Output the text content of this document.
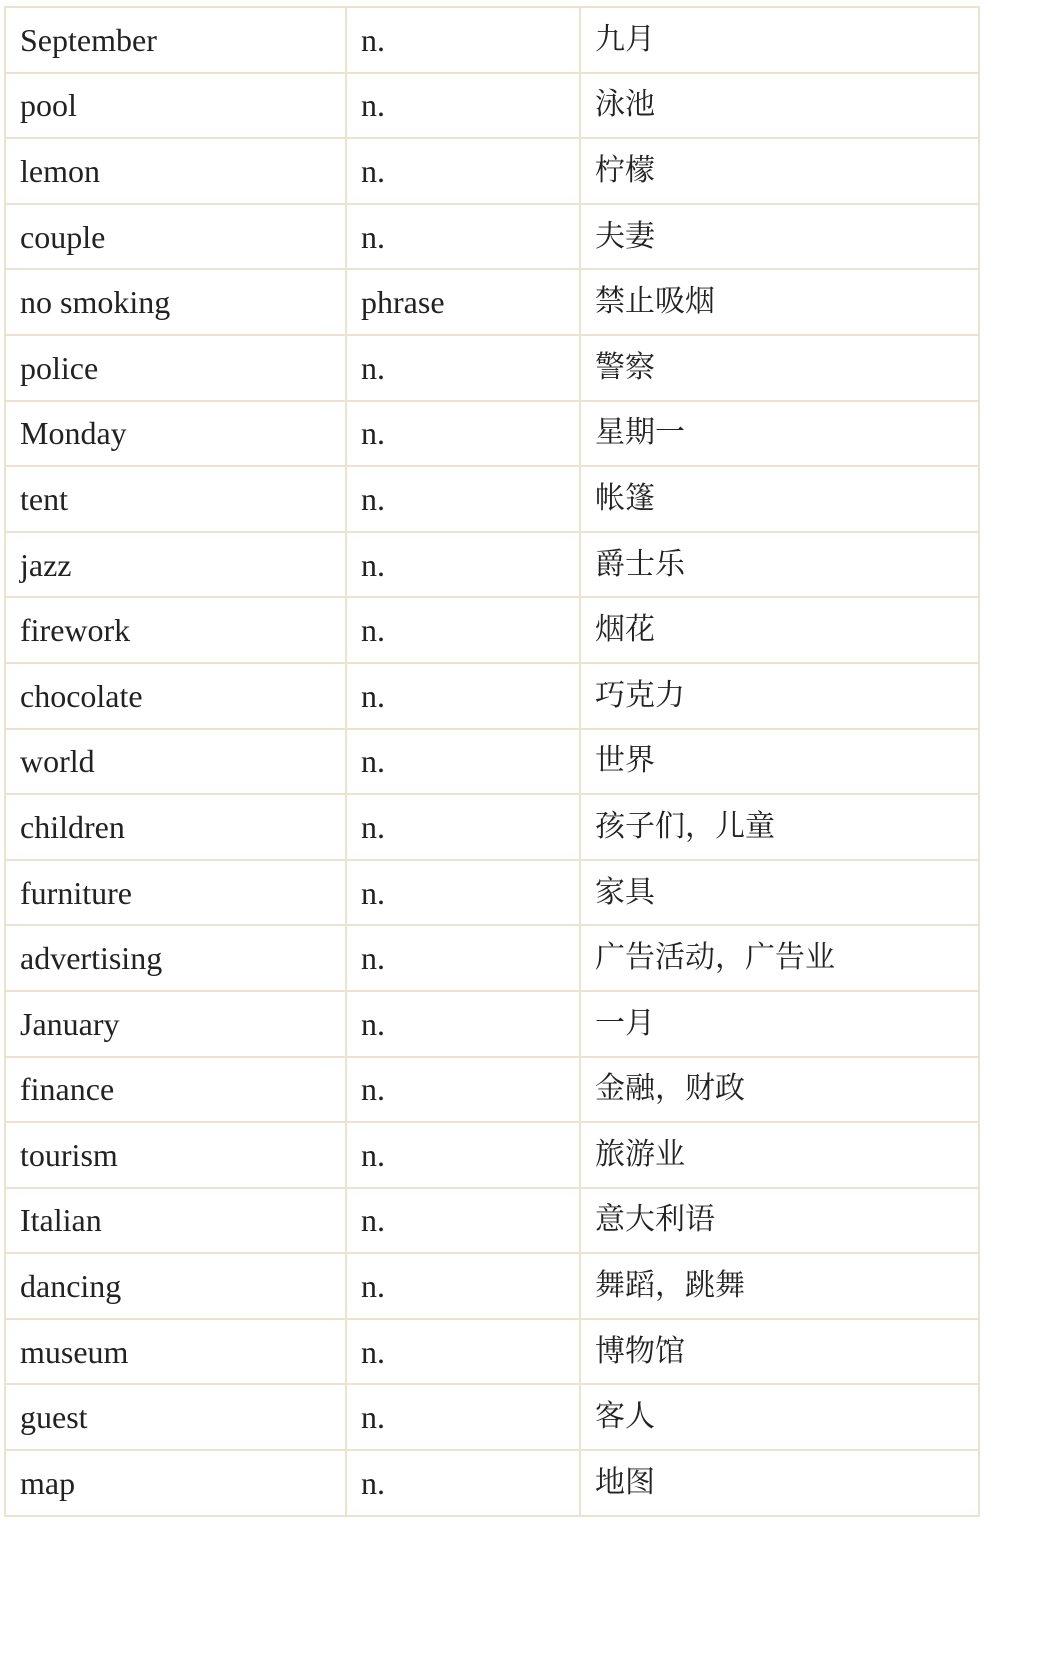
September	n.	九月
pool	n.	泳池
lemon	n.	柠檬
couple	n.	夫妻
no smoking	phrase	禁止吸烟
police	n.	警察
Monday	n.	星期一
tent	n.	帐篷
jazz	n.	爵士乐
firework	n.	烟花
chocolate	n.	巧克力
world	n.	世界
children	n.	孩子们，儿童
furniture	n.	家具
advertising	n.	广告活动，广告业
January	n.	一月
finance	n.	金融，财政
tourism	n.	旅游业
Italian	n.	意大利语
dancing	n.	舞蹈，跳舞
museum	n.	博物馆
guest	n.	客人
map	n.	地图
